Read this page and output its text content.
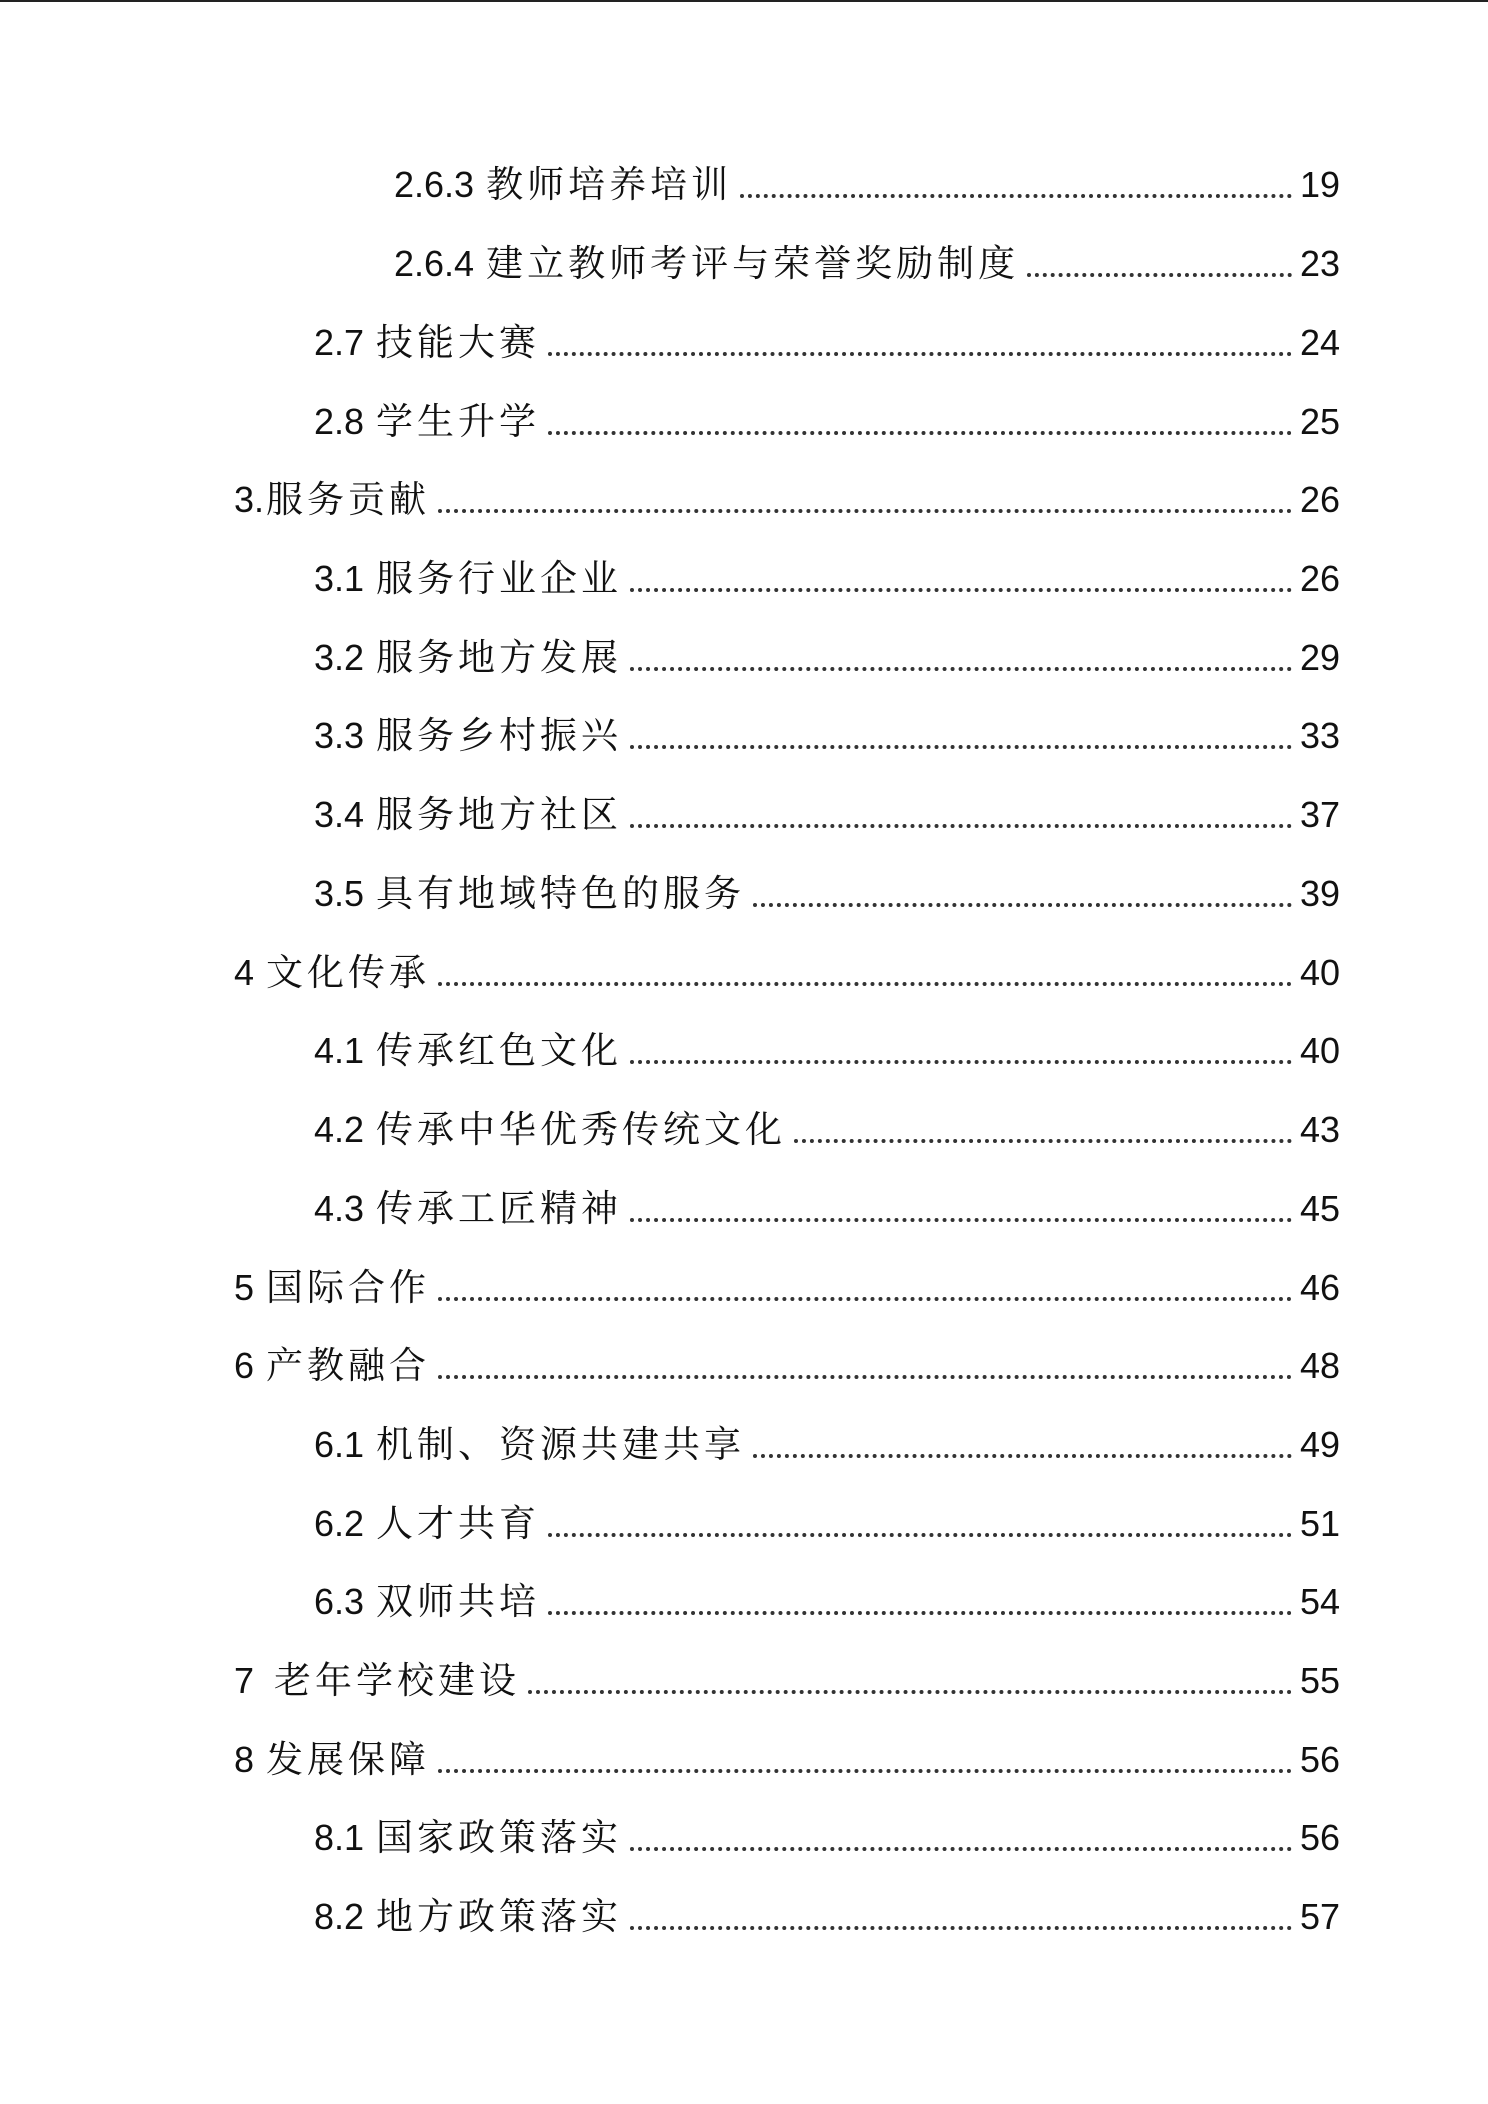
2.6.3 教师培养培训	19
2.6.4 建立教师考评与荣誉奖励制度	23
2.7 技能大赛	24
2.8 学生升学	25
3. 服务贡献	26
3.1 服务行业企业	26
3.2 服务地方发展	29
3.3 服务乡村振兴	33
3.4 服务地方社区	37
3.5 具有地域特色的服务	39
4 文化传承	40
4.1 传承红色文化	40
4.2 传承中华优秀传统文化	43
4.3 传承工匠精神	45
5 国际合作	46
6 产教融合	48
6.1 机制、资源共建共享	49
6.2 人才共育	51
6.3 双师共培	54
7 老年学校建设	55
8 发展保障	56
8.1 国家政策落实	56
8.2 地方政策落实	57
